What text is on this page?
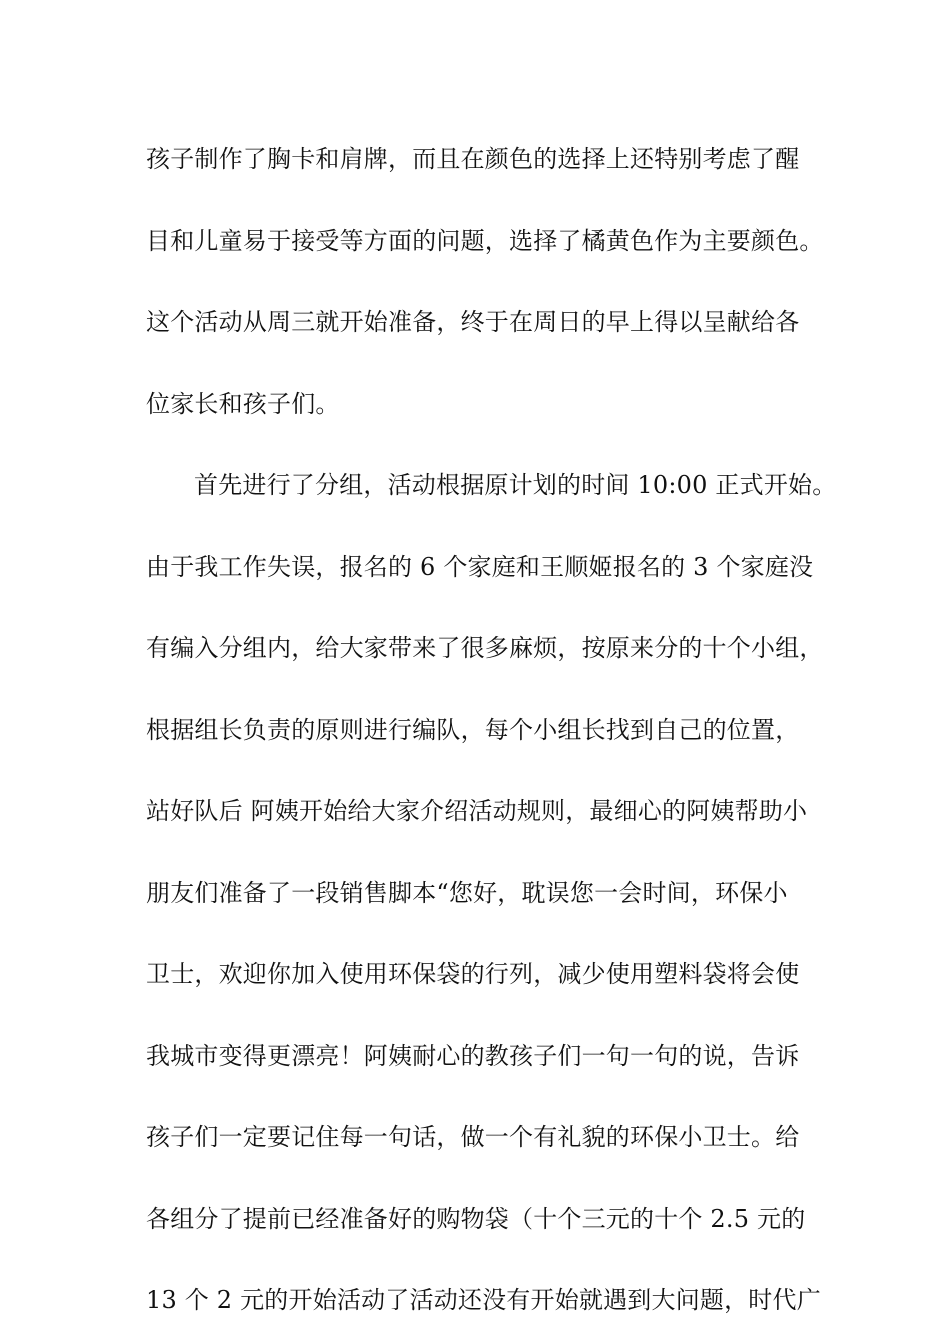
孩子制作了胸卡和肩牌，而且在颜色的选择上还特别考虑了醒
目和儿童易于接受等方面的问题，选择了橘黄色作为主要颜色。
这个活动从周三就开始准备，终于在周日的早上得以呈献给各
位家长和孩子们。
首先进行了分组，活动根据原计划的时间 10:00 正式开始。
由于我工作失误，报名的 6 个家庭和王顺姬报名的 3 个家庭没
有编入分组内，给大家带来了很多麻烦，按原来分的十个小组，
根据组长负责的原则进行编队，每个小组长找到自己的位置，
站好队后 阿姨开始给大家介绍活动规则，最细心的阿姨帮助小
朋友们准备了一段销售脚本“您好，耽误您一会时间，环保小
卫士，欢迎你加入使用环保袋的行列，减少使用塑料袋将会使
我城市变得更漂亮！阿姨耐心的教孩子们一句一句的说，告诉
孩子们一定要记住每一句话，做一个有礼貌的环保小卫士。给
各组分了提前已经准备好的购物袋（十个三元的十个 2.5 元的
13 个 2 元的开始活动了活动还没有开始就遇到大问题，时代广
